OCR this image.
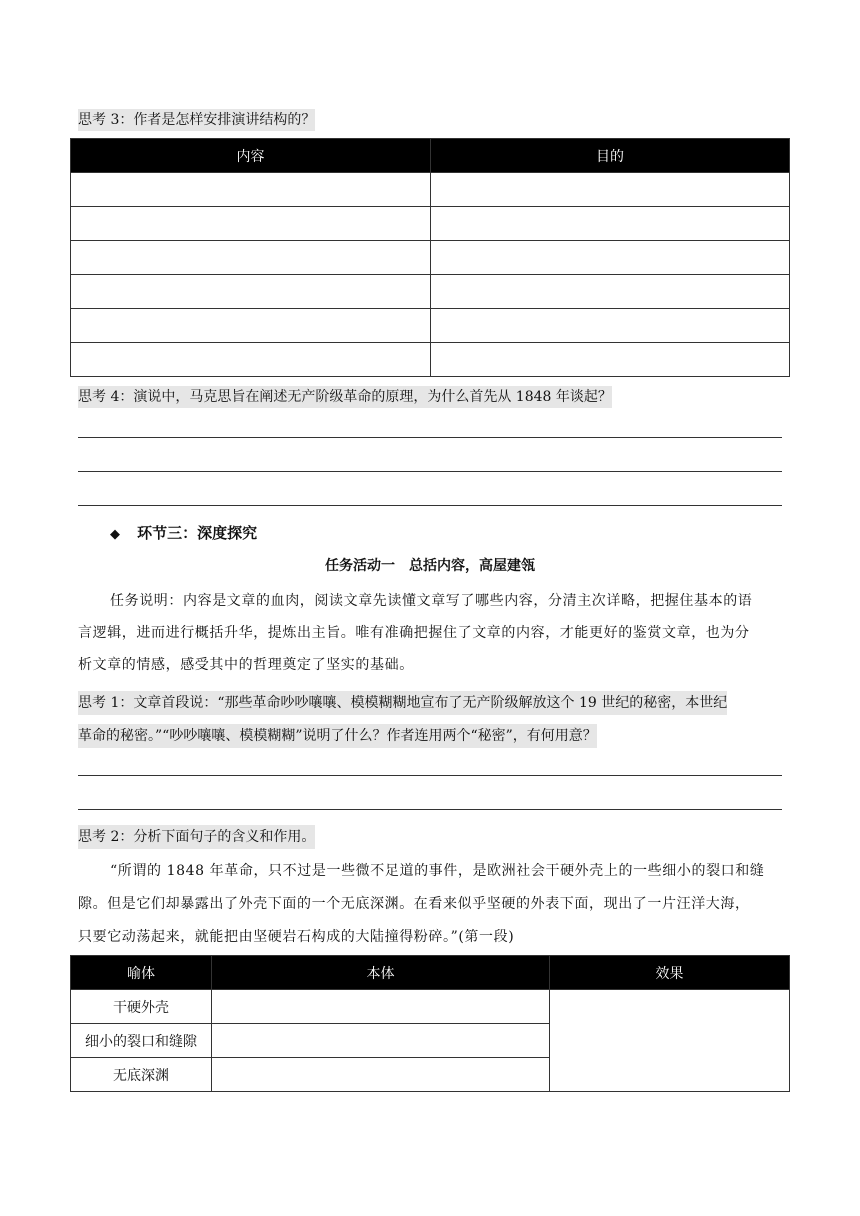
思考 3：作者是怎样安排演讲结构的？
内容	目的

思考 4：演说中，马克思旨在阐述无产阶级革命的原理，为什么首先从 1848 年谈起？
◆ 环节三：深度探究
任务活动一　总括内容，高屋建瓴
任务说明：内容是文章的血肉，阅读文章先读懂文章写了哪些内容，分清主次详略，把握住基本的语
言逻辑，进而进行概括升华，提炼出主旨。唯有准确把握住了文章的内容，才能更好的鉴赏文章，也为分
析文章的情感，感受其中的哲理奠定了坚实的基础。
思考 1：文章首段说：“那些革命吵吵嚷嚷、模模糊糊地宣布了无产阶级解放这个 19 世纪的秘密，本世纪
革命的秘密。”“吵吵嚷嚷、模模糊糊”说明了什么？作者连用两个“秘密”，有何用意？
思考 2：分析下面句子的含义和作用。
“所谓的 1848 年革命，只不过是一些微不足道的事件，是欧洲社会干硬外壳上的一些细小的裂口和缝
隙。但是它们却暴露出了外壳下面的一个无底深渊。在看来似乎坚硬的外表下面，现出了一片汪洋大海，
只要它动荡起来，就能把由坚硬岩石构成的大陆撞得粉碎。”(第一段)
喻体	本体	效果
干硬外壳		
细小的裂口和缝隙		
无底深渊		
